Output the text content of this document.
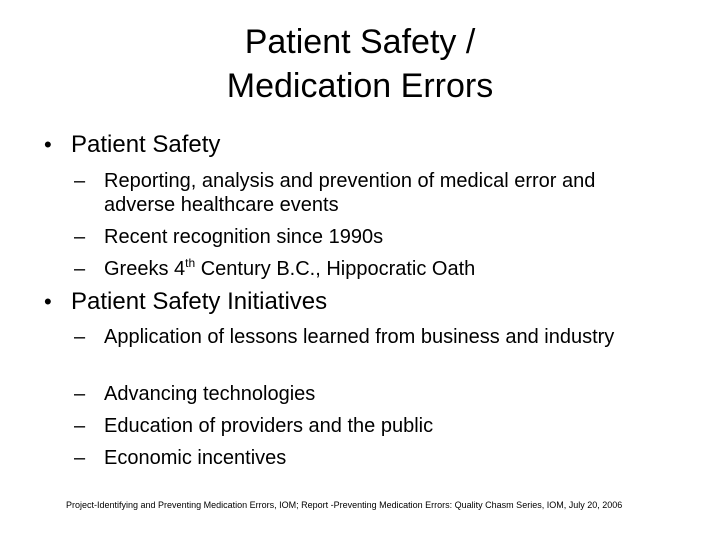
Patient Safety /
Medication Errors
• Patient Safety
– Reporting, analysis and prevention of medical error and adverse healthcare events
– Recent recognition since 1990s
– Greeks 4th Century B.C., Hippocratic Oath
• Patient Safety Initiatives
– Application of lessons learned from business and industry
– Advancing technologies
– Education of providers and the public
– Economic incentives
Project-Identifying and Preventing Medication Errors, IOM; Report -Preventing Medication Errors: Quality Chasm Series, IOM, July 20, 2006
